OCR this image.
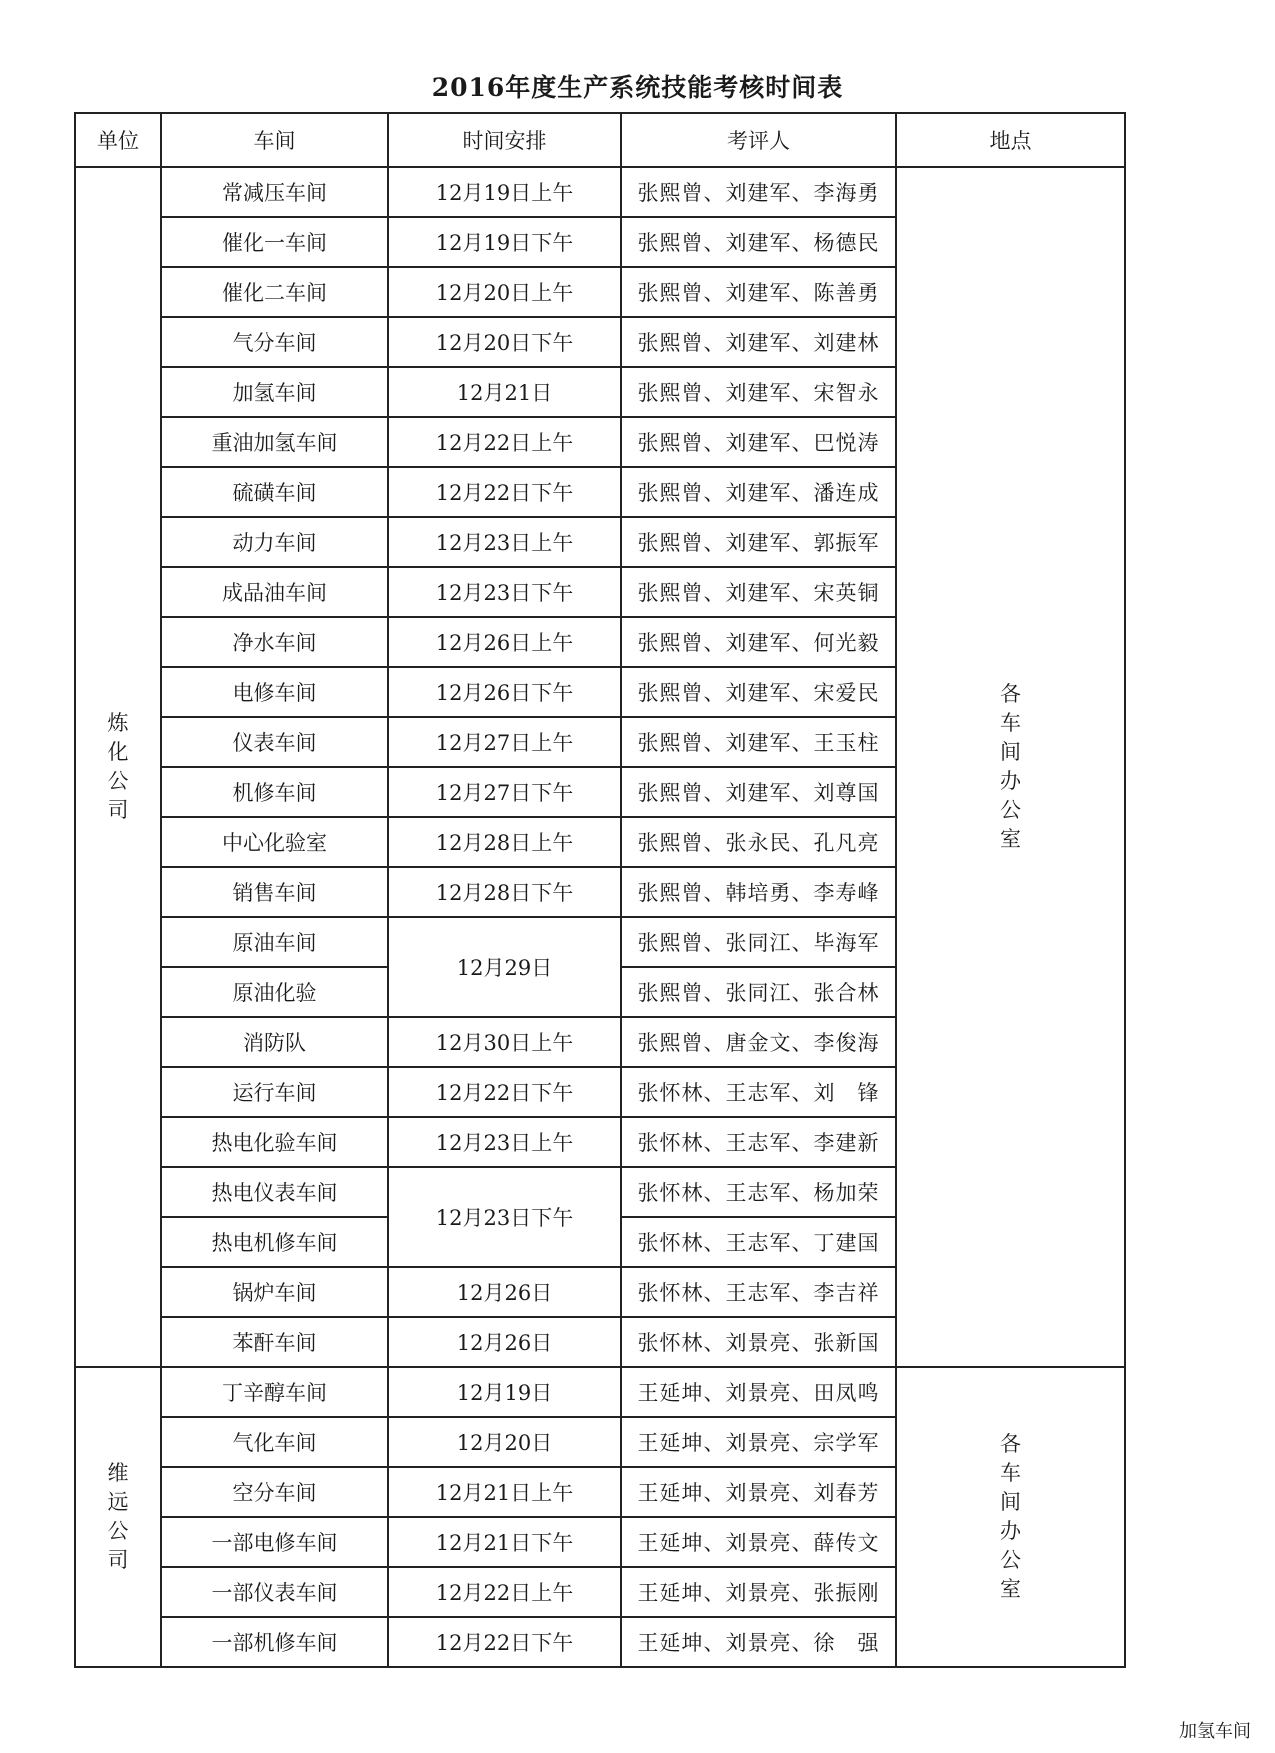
2016年度生产系统技能考核时间表
单位	车间	时间安排	考评人	地点

炼化公司	常减压车间	12月19日上午	张熙曾、刘建军、李海勇	各车间办公室

	催化一车间	12月19日下午	张熙曾、刘建军、杨德民	
	催化二车间	12月20日上午	张熙曾、刘建军、陈善勇	
	气分车间	12月20日下午	张熙曾、刘建军、刘建林	
	加氢车间	12月21日	张熙曾、刘建军、宋智永	
	重油加氢车间	12月22日上午	张熙曾、刘建军、巴悦涛	
	硫磺车间	12月22日下午	张熙曾、刘建军、潘连成	
	动力车间	12月23日上午	张熙曾、刘建军、郭振军	
	成品油车间	12月23日下午	张熙曾、刘建军、宋英铜	
	净水车间	12月26日上午	张熙曾、刘建军、何光毅	
	电修车间	12月26日下午	张熙曾、刘建军、宋爱民	
	仪表车间	12月27日上午	张熙曾、刘建军、王玉柱	
	机修车间	12月27日下午	张熙曾、刘建军、刘尊国	
	中心化验室	12月28日上午	张熙曾、张永民、孔凡亮	
	销售车间	12月28日下午	张熙曾、韩培勇、李寿峰	
	原油车间	12月29日	张熙曾、张同江、毕海军	
	原油化验		张熙曾、张同江、张合林	
	消防队	12月30日上午	张熙曾、唐金文、李俊海	
	运行车间	12月22日下午	张怀林、王志军、刘　锋	
	热电化验车间	12月23日上午	张怀林、王志军、李建新	
	热电仪表车间	12月23日下午	张怀林、王志军、杨加荣	
	热电机修车间		张怀林、王志军、丁建国	
	锅炉车间	12月26日	张怀林、王志军、李吉祥	
	苯酐车间	12月26日	张怀林、刘景亮、张新国	

维远公司	丁辛醇车间	12月19日	王延坤、刘景亮、田凤鸣	各车间办公室

	气化车间	12月20日	王延坤、刘景亮、宗学军	
	空分车间	12月21日上午	王延坤、刘景亮、刘春芳	
	一部电修车间	12月21日下午	王延坤、刘景亮、薛传文	
	一部仪表车间	12月22日上午	王延坤、刘景亮、张振刚	
	一部机修车间	12月22日下午	王延坤、刘景亮、徐　强	
加氢车间
